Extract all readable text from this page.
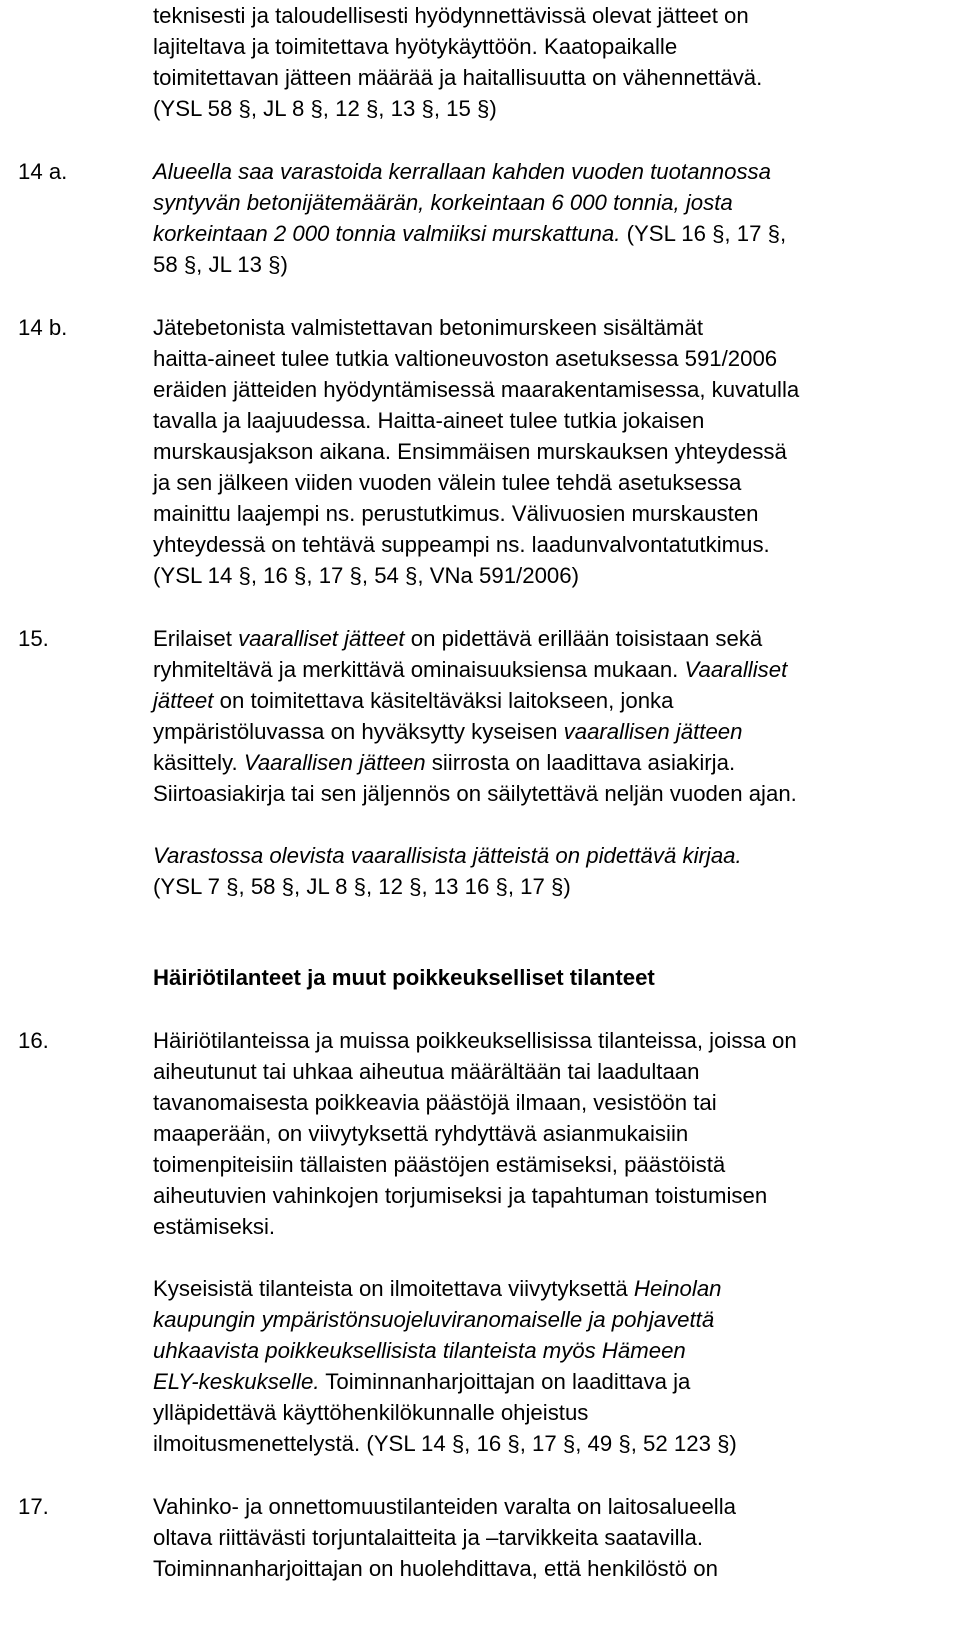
teknisesti ja taloudellisesti hyödynnettävissä olevat jätteet on
lajiteltava ja toimitettava hyötykäyttöön. Kaatopaikalle
toimitettavan jätteen määrää ja haitallisuutta on vähennettävä.
(YSL 58 §, JL 8 §, 12 §, 13 §, 15 §)
14 a.	Alueella saa varastoida kerrallaan kahden vuoden tuotannossa
syntyvän betonijätemäärän, korkeintaan 6 000 tonnia, josta
korkeintaan 2 000 tonnia valmiiksi murskattuna. (YSL 16 §, 17 §,
58 §, JL 13 §)
14 b.	Jätebetonista valmistettavan betonimurskeen sisältämät
haitta-aineet tulee tutkia valtioneuvoston asetuksessa 591/2006
eräiden jätteiden hyödyntämisessä maarakentamisessa, kuvatulla
tavalla ja laajuudessa. Haitta-aineet tulee tutkia jokaisen
murskausjakson aikana. Ensimmäisen murskauksen yhteydessä
ja sen jälkeen viiden vuoden välein tulee tehdä asetuksessa
mainittu laajempi ns. perustutkimus. Välivuosien murskausten
yhteydessä on tehtävä suppeampi ns. laadunvalvontatutkimus.
(YSL 14 §, 16 §, 17 §, 54 §, VNa 591/2006)
15.	Erilaiset vaaralliset jätteet on pidettävä erillään toisistaan sekä
ryhmiteltävä ja merkittävä ominaisuuksiensa mukaan. Vaaralliset
jätteet on toimitettava käsiteltäväksi laitokseen, jonka
ympäristöluvassa on hyväksytty kyseisen vaarallisen jätteen
käsittely. Vaarallisen jätteen siirrosta on laadittava asiakirja.
Siirtoasiakirja tai sen jäljennös on säilytettävä neljän vuoden ajan.
Varastossa olevista vaarallisista jätteistä on pidettävä kirjaa.
(YSL 7 §, 58 §, JL 8 §, 12 §, 13 16 §, 17 §)
Häiriötilanteet ja muut poikkeukselliset tilanteet
16.	Häiriötilanteissa ja muissa poikkeuksellisissa tilanteissa, joissa on
aiheutunut tai uhkaa aiheutua määrältään tai laadultaan
tavanomaisesta poikkeavia päästöjä ilmaan, vesistöön tai
maaperään, on viivytyksettä ryhdyttävä asianmukaisiin
toimenpiteisiin tällaisten päästöjen estämiseksi, päästöistä
aiheutuvien vahinkojen torjumiseksi ja tapahtuman toistumisen
estämiseksi.
Kyseisistä tilanteista on ilmoitettava viivytyksettä Heinolan
kaupungin ympäristönsuojeluviranomaiselle ja pohjavettä
uhkaavista poikkeuksellisista tilanteista myös Hämeen
ELY-keskukselle. Toiminnanharjoittajan on laadittava ja
ylläpidettävä käyttöhenkilökunnalle ohjeistus
ilmoitusmenettelystä. (YSL 14 §, 16 §, 17 §, 49 §, 52 123 §)
17.	Vahinko- ja onnettomuustilanteiden varalta on laitosalueella
oltava riittävästi torjuntalaitteita ja –tarvikkeita saatavilla.
Toiminnanharjoittajan on huolehdittava, että henkilöstö on
